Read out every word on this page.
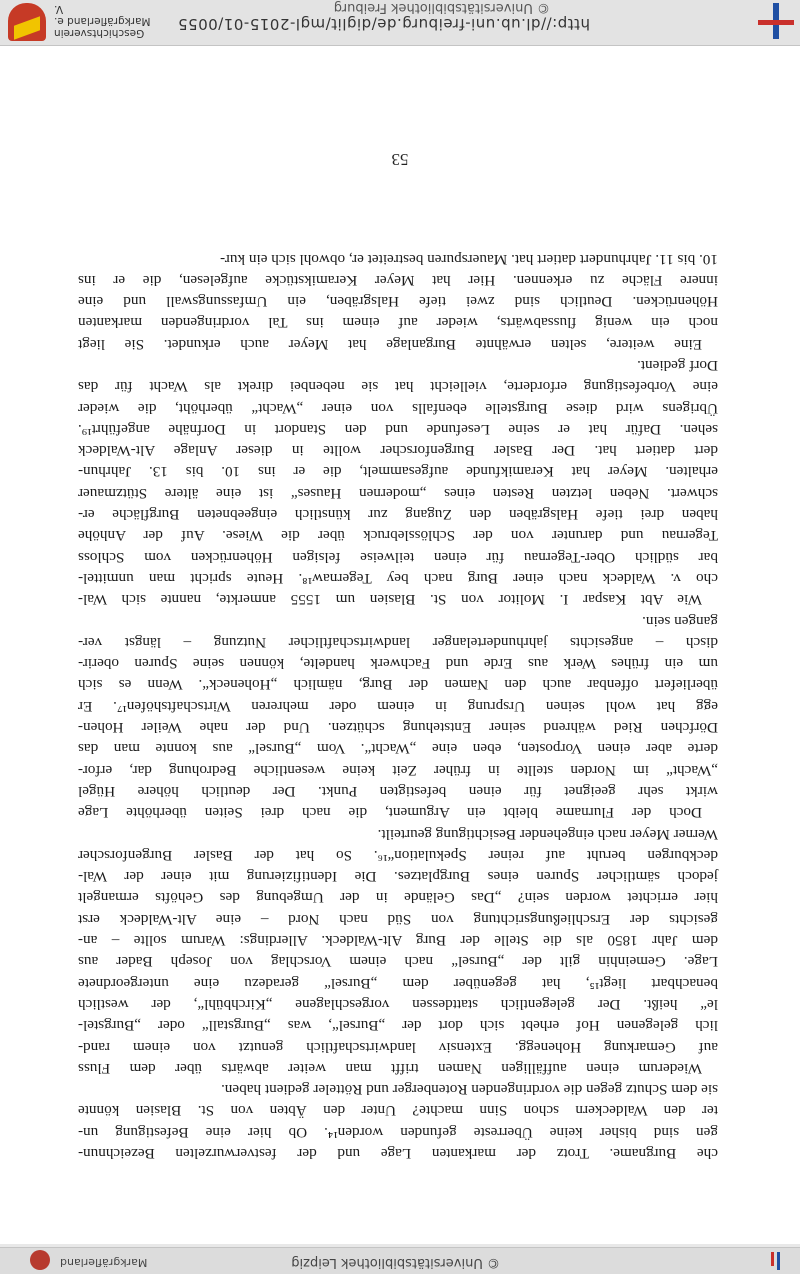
© Universitätsbibliothek Leipzig
Markgräflerland
che Burgname. Trotz der markanten Lage und der festverwurzelten Bezeichnun-
gen sind bisher keine Überreste gefunden worden¹⁴. Ob hier eine Befestigung un-
ter den Waldeckern schon Sinn machte? Unter den Äbten von St. Blasien könnte
sie dem Schutz gegen die vordringenden Rotenberger und Rötteler gedient haben.
Wiederum einen auffälligen Namen trifft man weiter abwärts über dem Fluss
auf Gemarkung Hohenegg. Extensiv landwirtschaftlich genutzt von einem rand-
lich gelegenen Hof erhebt sich dort der „Bursel“, was „Burgstall“ oder „Burgstel-
le“ heißt. Der gelegentlich stattdessen vorgeschlagene „Kirchbühl“, der westlich
benachbart liegt¹⁵, hat gegenüber dem „Bursel“ geradezu eine untergeordnete
Lage. Gemeinhin gilt der „Bursel“ nach einem Vorschlag von Joseph Bader aus
dem Jahr 1850 als die Stelle der Burg Alt-Waldeck. Allerdings: Warum sollte – an-
gesichts der Erschließungsrichtung von Süd nach Nord – eine Alt-Waldeck erst
hier errichtet worden sein? „Das Gelände in der Umgebung des Gehöfts ermangelt
jedoch sämtlicher Spuren eines Burgplatzes. Die Identifizierung mit einer der Wal-
deckburgen beruht auf reiner Spekulation“¹⁶. So hat der Basler Burgenforscher
Werner Meyer nach eingehender Besichtigung geurteilt.
Doch der Flurname bleibt ein Argument, die nach drei Seiten überhöhte Lage
wirkt sehr geeignet für einen befestigten Punkt. Der deutlich höhere Hügel
„Wacht“ im Norden stellte in früher Zeit keine wesentliche Bedrohung dar, erfor-
derte aber einen Vorposten, eben eine „Wacht“. Vom „Bursel“ aus konnte man das
Dörfchen Ried während seiner Entstehung schützen. Und der nahe Weiler Hohen-
egg hat wohl seinen Ursprung in einem oder mehreren Wirtschaftshöfen¹⁷. Er
überliefert offenbar auch den Namen der Burg, nämlich „Hoheneck“. Wenn es sich
um ein frühes Werk aus Erde und Fachwerk handelte, können seine Spuren oberir-
disch – angesichts jahrhundertelanger landwirtschaftlicher Nutzung – längst ver-
gangen sein.
Wie Abt Kaspar I. Molitor von St. Blasien um 1555 anmerkte, nannte sich Wal-
cho v. Waldeck nach einer Burg nach bey Tegernaw¹⁸. Heute spricht man unmittel-
bar südlich Ober-Tegernau für einen teilweise felsigen Höhenrücken vom Schloss
Tegernau und darunter von der Schlösslebruck über die Wiese. Auf der Anhöhe
haben drei tiefe Halsgräben den Zugang zur künstlich eingeebneten Burgfläche er-
schwert. Neben letzten Resten eines „modernen Hauses“ ist eine ältere Stützmauer
erhalten. Meyer hat Keramikfunde aufgesammelt, die er ins 10. bis 13. Jahrhun-
dert datiert hat. Der Basler Burgenforscher wollte in dieser Anlage Alt-Waldeck
sehen. Dafür hat er seine Lesefunde und den Standort in Dorfnähe angeführt¹⁹.
Übrigens wird diese Burgstelle ebenfalls von einer „Wacht“ überhöht, die wieder
eine Vorbefestigung erforderte, vielleicht hat sie nebenbei direkt als Wacht für das
Dorf gedient.
Eine weitere, selten erwähnte Burganlage hat Meyer auch erkundet. Sie liegt
noch ein wenig flussabwärts, wieder auf einem ins Tal vordringenden markanten
Höhenrücken. Deutlich sind zwei tiefe Halsgräben, ein Umfassungswall und eine
innere Fläche zu erkennen. Hier hat Meyer Keramikstücke aufgelesen, die er ins
10. bis 11. Jahrhundert datiert hat. Mauerspuren bestreitet er, obwohl sich ein kur-
53
http://dl.ub.uni-freiburg.de/diglit/mgl-2015-01/0055
© Universitätsbibliothek Freiburg
Geschichtsverein Markgräflerland e. V.
